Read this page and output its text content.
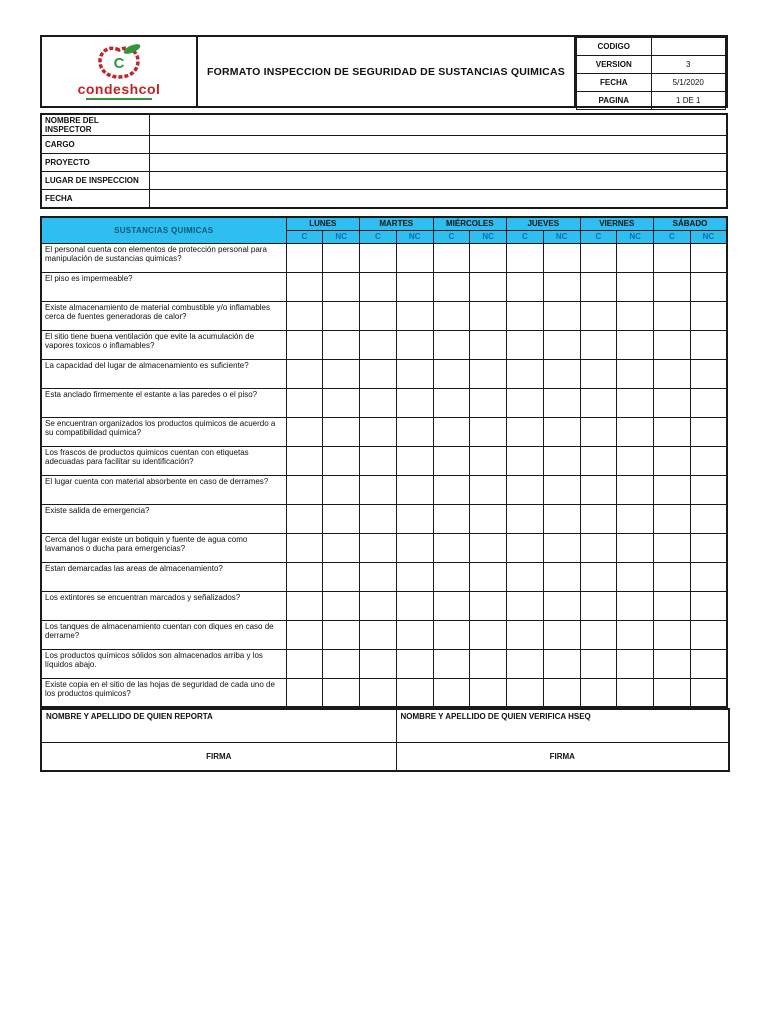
C
condeshcol
FORMATO INSPECCION DE SEGURIDAD DE SUSTANCIAS QUIMICAS
CODIGO	
VERSION	3
FECHA	5/1/2020
PAGINA	1 DE 1
NOMBRE DEL INSPECTOR	
CARGO	
PROYECTO	
LUGAR DE INSPECCION	
FECHA	
SUSTANCIAS QUIMICAS	LUNES		MARTES		MIÉRCOLES		JUEVES		VIERNES		SÁBADO	
	C	NC	C	NC	C	NC	C	NC	C	NC	C	NC
El personal cuenta con elementos de protección personal para manipulación de sustancias quimicas?												
El piso es impermeable?												
Existe almacenamiento de material combustible y/o inflamables cerca de fuentes generadoras de calor?												
El sitio tiene buena ventilación que evite la acumulación de vapores toxicos o inflamables?												
La capacidad del lugar de almacenamiento es suficiente?												
Esta anclado firmemente el estante a las paredes o el piso?												
Se encuentran organizados los productos quimicos de acuerdo a su compatibilidad quimica?												
Los frascos de productos quimicos cuentan con etiquetas adecuadas para facilitar su identificación?												
El lugar cuenta con material absorbente en caso de derrames?												
Existe salida de emergencia?												
Cerca del lugar existe un botiquin y fuente de agua como lavamanos o ducha para emergencias?												
Estan demarcadas las areas de almacenamiento?												
Los extintores se encuentran marcados y señalizados?												
Los tanques de almacenamiento cuentan con diques en caso de derrame?												
Los productos químicos sólidos son almacenados arriba y los líquidos abajo.												
Existe copia en el sitio de las hojas de seguridad de cada uno de los productos quimicos?												
NOMBRE Y APELLIDO DE QUIEN REPORTA	NOMBRE Y APELLIDO DE QUIEN VERIFICA HSEQ
FIRMA	FIRMA
